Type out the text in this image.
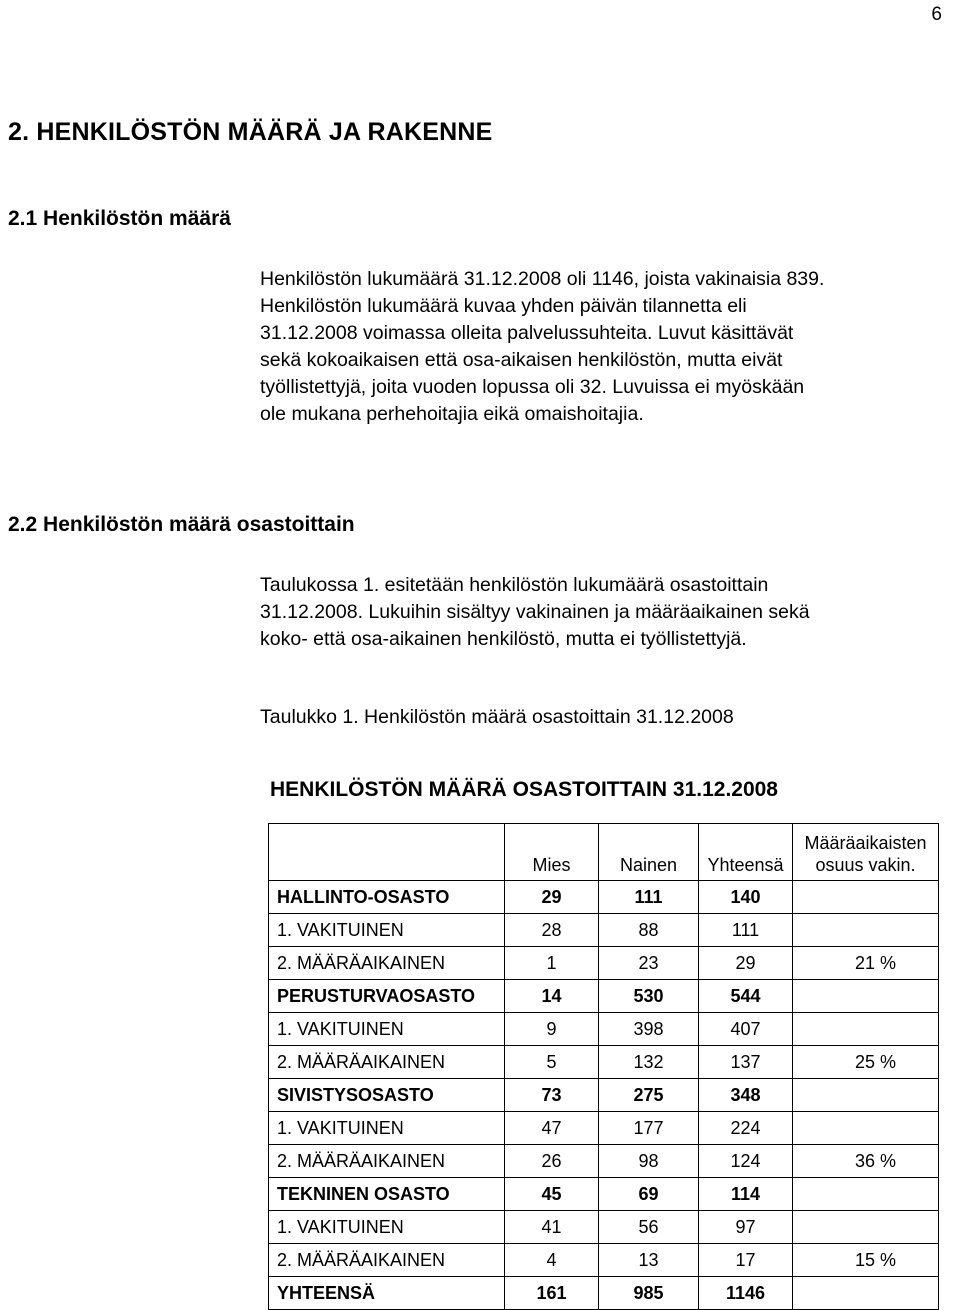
6
2. HENKILÖSTÖN MÄÄRÄ JA RAKENNE
2.1 Henkilöstön määrä
Henkilöstön lukumäärä 31.12.2008 oli 1146, joista vakinaisia 839.
Henkilöstön lukumäärä kuvaa yhden päivän tilannetta eli
31.12.2008 voimassa olleita palvelussuhteita. Luvut käsittävät
sekä kokoaikaisen että osa-aikaisen henkilöstön, mutta eivät
työllistettyjä, joita vuoden lopussa oli 32. Luvuissa ei myöskään
ole mukana perhehoitajia eikä omaishoitajia.
2.2 Henkilöstön määrä osastoittain
Taulukossa 1. esitetään henkilöstön lukumäärä osastoittain
31.12.2008. Lukuihin sisältyy vakinainen ja määräaikainen sekä
koko- että osa-aikainen henkilöstö, mutta ei työllistettyjä.
Taulukko 1. Henkilöstön määrä osastoittain 31.12.2008
HENKILÖSTÖN MÄÄRÄ OSASTOITTAIN 31.12.2008
	Mies	Nainen	Yhteensä	Määräaikaisten
osuus vakin.

HALLINTO-OSASTO	29	111	140	
1. VAKITUINEN	28	88	111	
2. MÄÄRÄAIKAINEN	1	23	29	21 %
PERUSTURVAOSASTO	14	530	544	
1. VAKITUINEN	9	398	407	
2. MÄÄRÄAIKAINEN	5	132	137	25 %
SIVISTYSOSASTO	73	275	348	
1. VAKITUINEN	47	177	224	
2. MÄÄRÄAIKAINEN	26	98	124	36 %
TEKNINEN OSASTO	45	69	114	
1. VAKITUINEN	41	56	97	
2. MÄÄRÄAIKAINEN	4	13	17	15 %
YHTEENSÄ	161	985	1146	
